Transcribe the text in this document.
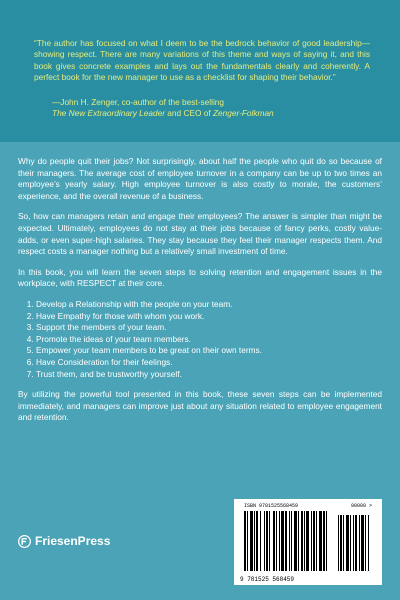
“The author has focused on what I deem to be the bedrock behavior of good leadership—showing respect. There are many variations of this theme and ways of saying it, and this book gives concrete examples and lays out the fundamentals clearly and coherently. A perfect book for the new manager to use as a checklist for shaping their behavior.”
—John H. Zenger, co-author of the best-selling
The New Extraordinary Leader and CEO of Zenger-Folkman

Why do people quit their jobs? Not surprisingly, about half the people who quit do so because of their managers. The average cost of employee turnover in a company can be up to two times an employee’s yearly salary. High employee turnover is also costly to morale, the customers’ experience, and the overall revenue of a business.

So, how can managers retain and engage their employees? The answer is simpler than might be expected. Ultimately, employees do not stay at their jobs because of fancy perks, costly value-adds, or even super-high salaries. They stay because they feel their manager respects them. And respect costs a manager nothing but a relatively small investment of time.

In this book, you will learn the seven steps to solving retention and engagement issues in the workplace, with RESPECT at their core.

1. Develop a Relationship with the people on your team.
2. Have Empathy for those with whom you work.
3. Support the members of your team.
4. Promote the ideas of your team members.
5. Empower your team members to be great on their own terms.
6. Have Consideration for their feelings.
7. Trust them, and be trustworthy yourself.

By utilizing the powerful tool presented in this book, these seven steps can be implemented immediately, and managers can improve just about any situation related to employee engagement and retention.

FriesenPress
ISBN 9781525568459	90000 >
9 781525 568459
